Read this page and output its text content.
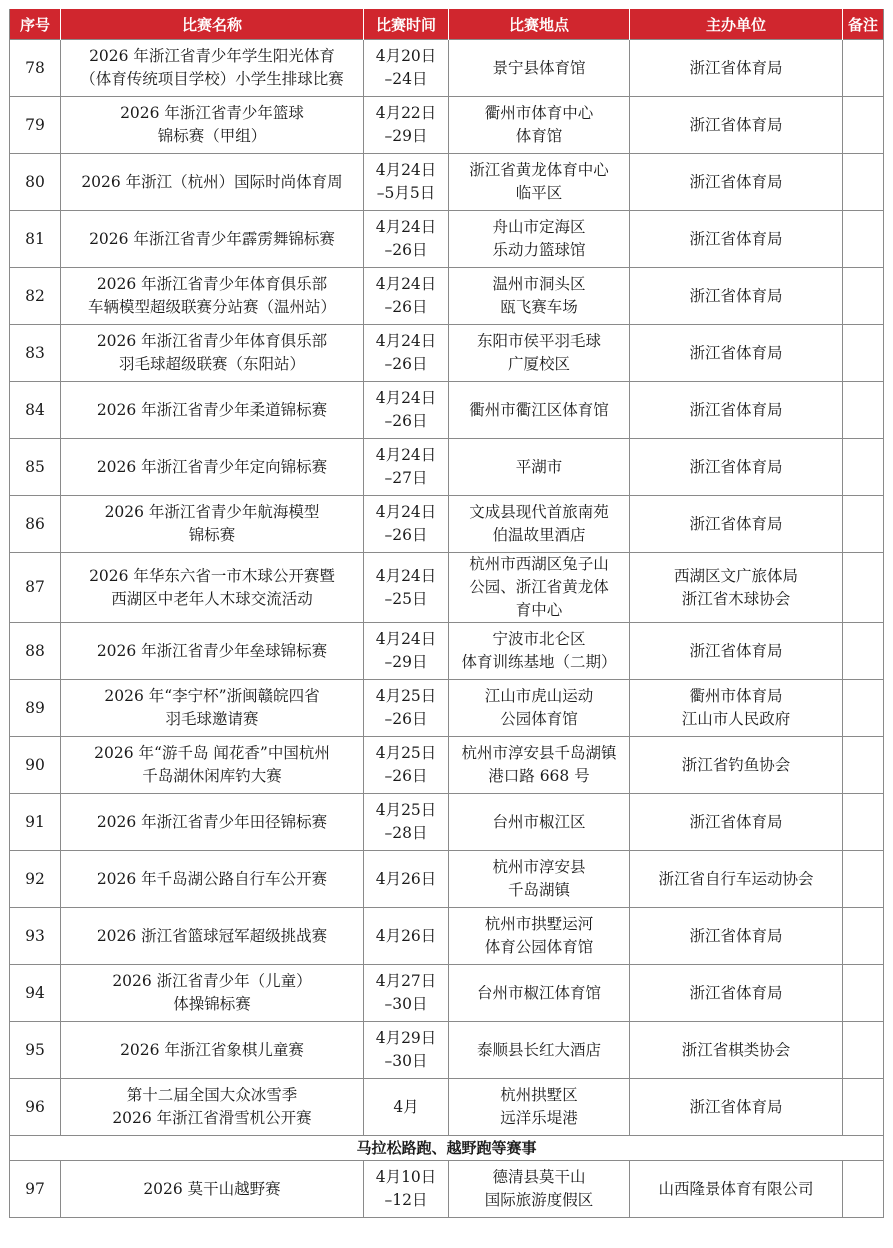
序号	比赛名称	比赛时间	比赛地点	主办单位	备注
78	2026 年浙江省青少年学生阳光体育
（体育传统项目学校）小学生排球比赛	4月20日
–24日	景宁县体育馆	浙江省体育局	
79	2026 年浙江省青少年篮球
锦标赛（甲组）	4月22日
–29日	衢州市体育中心
体育馆	浙江省体育局	
80	2026 年浙江（杭州）国际时尚体育周	4月24日
–5月5日	浙江省黄龙体育中心
临平区	浙江省体育局	
81	2026 年浙江省青少年霹雳舞锦标赛	4月24日
–26日	舟山市定海区
乐动力篮球馆	浙江省体育局	
82	2026 年浙江省青少年体育俱乐部
车辆模型超级联赛分站赛（温州站）	4月24日
–26日	温州市洞头区
瓯飞赛车场	浙江省体育局	
83	2026 年浙江省青少年体育俱乐部
羽毛球超级联赛（东阳站）	4月24日
–26日	东阳市侯平羽毛球
广厦校区	浙江省体育局	
84	2026 年浙江省青少年柔道锦标赛	4月24日
–26日	衢州市衢江区体育馆	浙江省体育局	
85	2026 年浙江省青少年定向锦标赛	4月24日
–27日	平湖市	浙江省体育局	
86	2026 年浙江省青少年航海模型
锦标赛	4月24日
–26日	文成县现代首旅南苑
伯温故里酒店	浙江省体育局	
87	2026 年华东六省一市木球公开赛暨
西湖区中老年人木球交流活动	4月24日
–25日	杭州市西湖区兔子山
公园、浙江省黄龙体
育中心	西湖区文广旅体局
浙江省木球协会	
88	2026 年浙江省青少年垒球锦标赛	4月24日
–29日	宁波市北仑区
体育训练基地（二期）	浙江省体育局	
89	2026 年“李宁杯”浙闽赣皖四省
羽毛球邀请赛	4月25日
–26日	江山市虎山运动
公园体育馆	衢州市体育局
江山市人民政府	
90	2026 年“游千岛 闻花香”中国杭州
千岛湖休闲库钓大赛	4月25日
–26日	杭州市淳安县千岛湖镇
港口路 668 号	浙江省钓鱼协会	
91	2026 年浙江省青少年田径锦标赛	4月25日
–28日	台州市椒江区	浙江省体育局	
92	2026 年千岛湖公路自行车公开赛	4月26日	杭州市淳安县
千岛湖镇	浙江省自行车运动协会	
93	2026 浙江省篮球冠军超级挑战赛	4月26日	杭州市拱墅运河
体育公园体育馆	浙江省体育局	
94	2026 浙江省青少年（儿童）
体操锦标赛	4月27日
–30日	台州市椒江体育馆	浙江省体育局	
95	2026 年浙江省象棋儿童赛	4月29日
–30日	泰顺县长红大酒店	浙江省棋类协会	
96	第十二届全国大众冰雪季
2026 年浙江省滑雪机公开赛	4月	杭州拱墅区
远洋乐堤港	浙江省体育局	
马拉松路跑、越野跑等赛事					
97	2026 莫干山越野赛	4月10日
–12日	德清县莫干山
国际旅游度假区	山西隆景体育有限公司	
